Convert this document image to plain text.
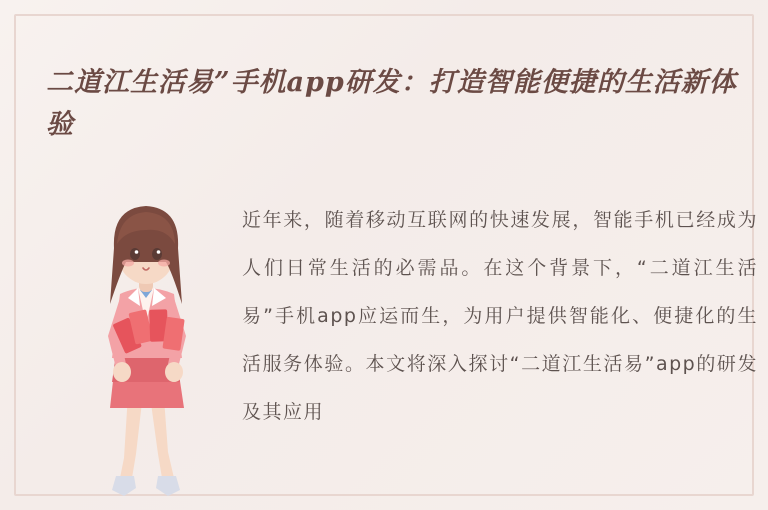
二道江生活易”手机app研发：打造智能便捷的生活新体验
近年来，随着移动互联网的快速发展，智能手机已经成为人们日常生活的必需品。在这个背景下，“二道江生活易”手机app应运而生，为用户提供智能化、便捷化的生活服务体验。本文将深入探讨“二道江生活易”app的研发及其应用
